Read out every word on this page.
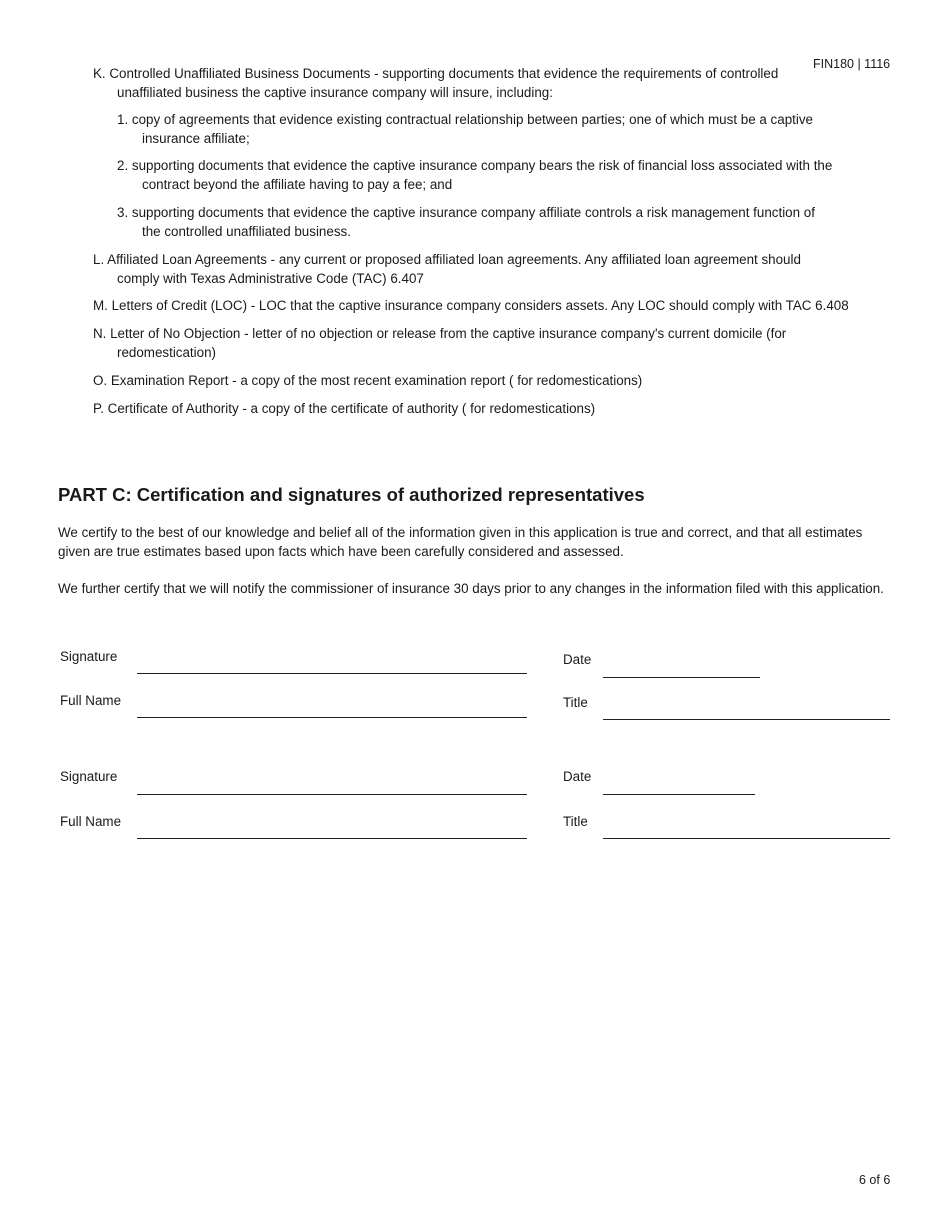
FIN180 | 1116
K. Controlled Unaffiliated Business Documents - supporting documents that evidence the requirements of controlled
unaffiliated business the captive insurance company will insure, including:
1. copy of agreements that evidence existing contractual relationship between parties; one of which must be a captive
insurance affiliate;
2. supporting documents that evidence the captive insurance company bears the risk of financial loss associated with the
contract beyond the affiliate having to pay a fee; and
3. supporting documents that evidence the captive insurance company affiliate controls a risk management function of
the controlled unaffiliated business.
L. Affiliated Loan Agreements - any current or proposed affiliated loan agreements. Any affiliated loan agreement should
comply with Texas Administrative Code (TAC) 6.407
M. Letters of Credit (LOC) - LOC that the captive insurance company considers assets. Any LOC should comply with TAC 6.408
N. Letter of No Objection - letter of no objection or release from the captive insurance company's current domicile (for
redomestication)
O. Examination Report - a copy of the most recent examination report ( for redomestications)
P. Certificate of Authority - a copy of the certificate of authority ( for redomestications)
PART C: Certification and signatures of authorized representatives
We certify to the best of our knowledge and belief all of the information given in this application is true and correct, and that all estimates given are true estimates based upon facts which have been carefully considered and assessed.
We further certify that we will notify the commissioner of insurance 30 days prior to any changes in the information filed with this application.
Signature	Date
Full Name	Title
Signature	Date
Full Name	Title
6 of 6
